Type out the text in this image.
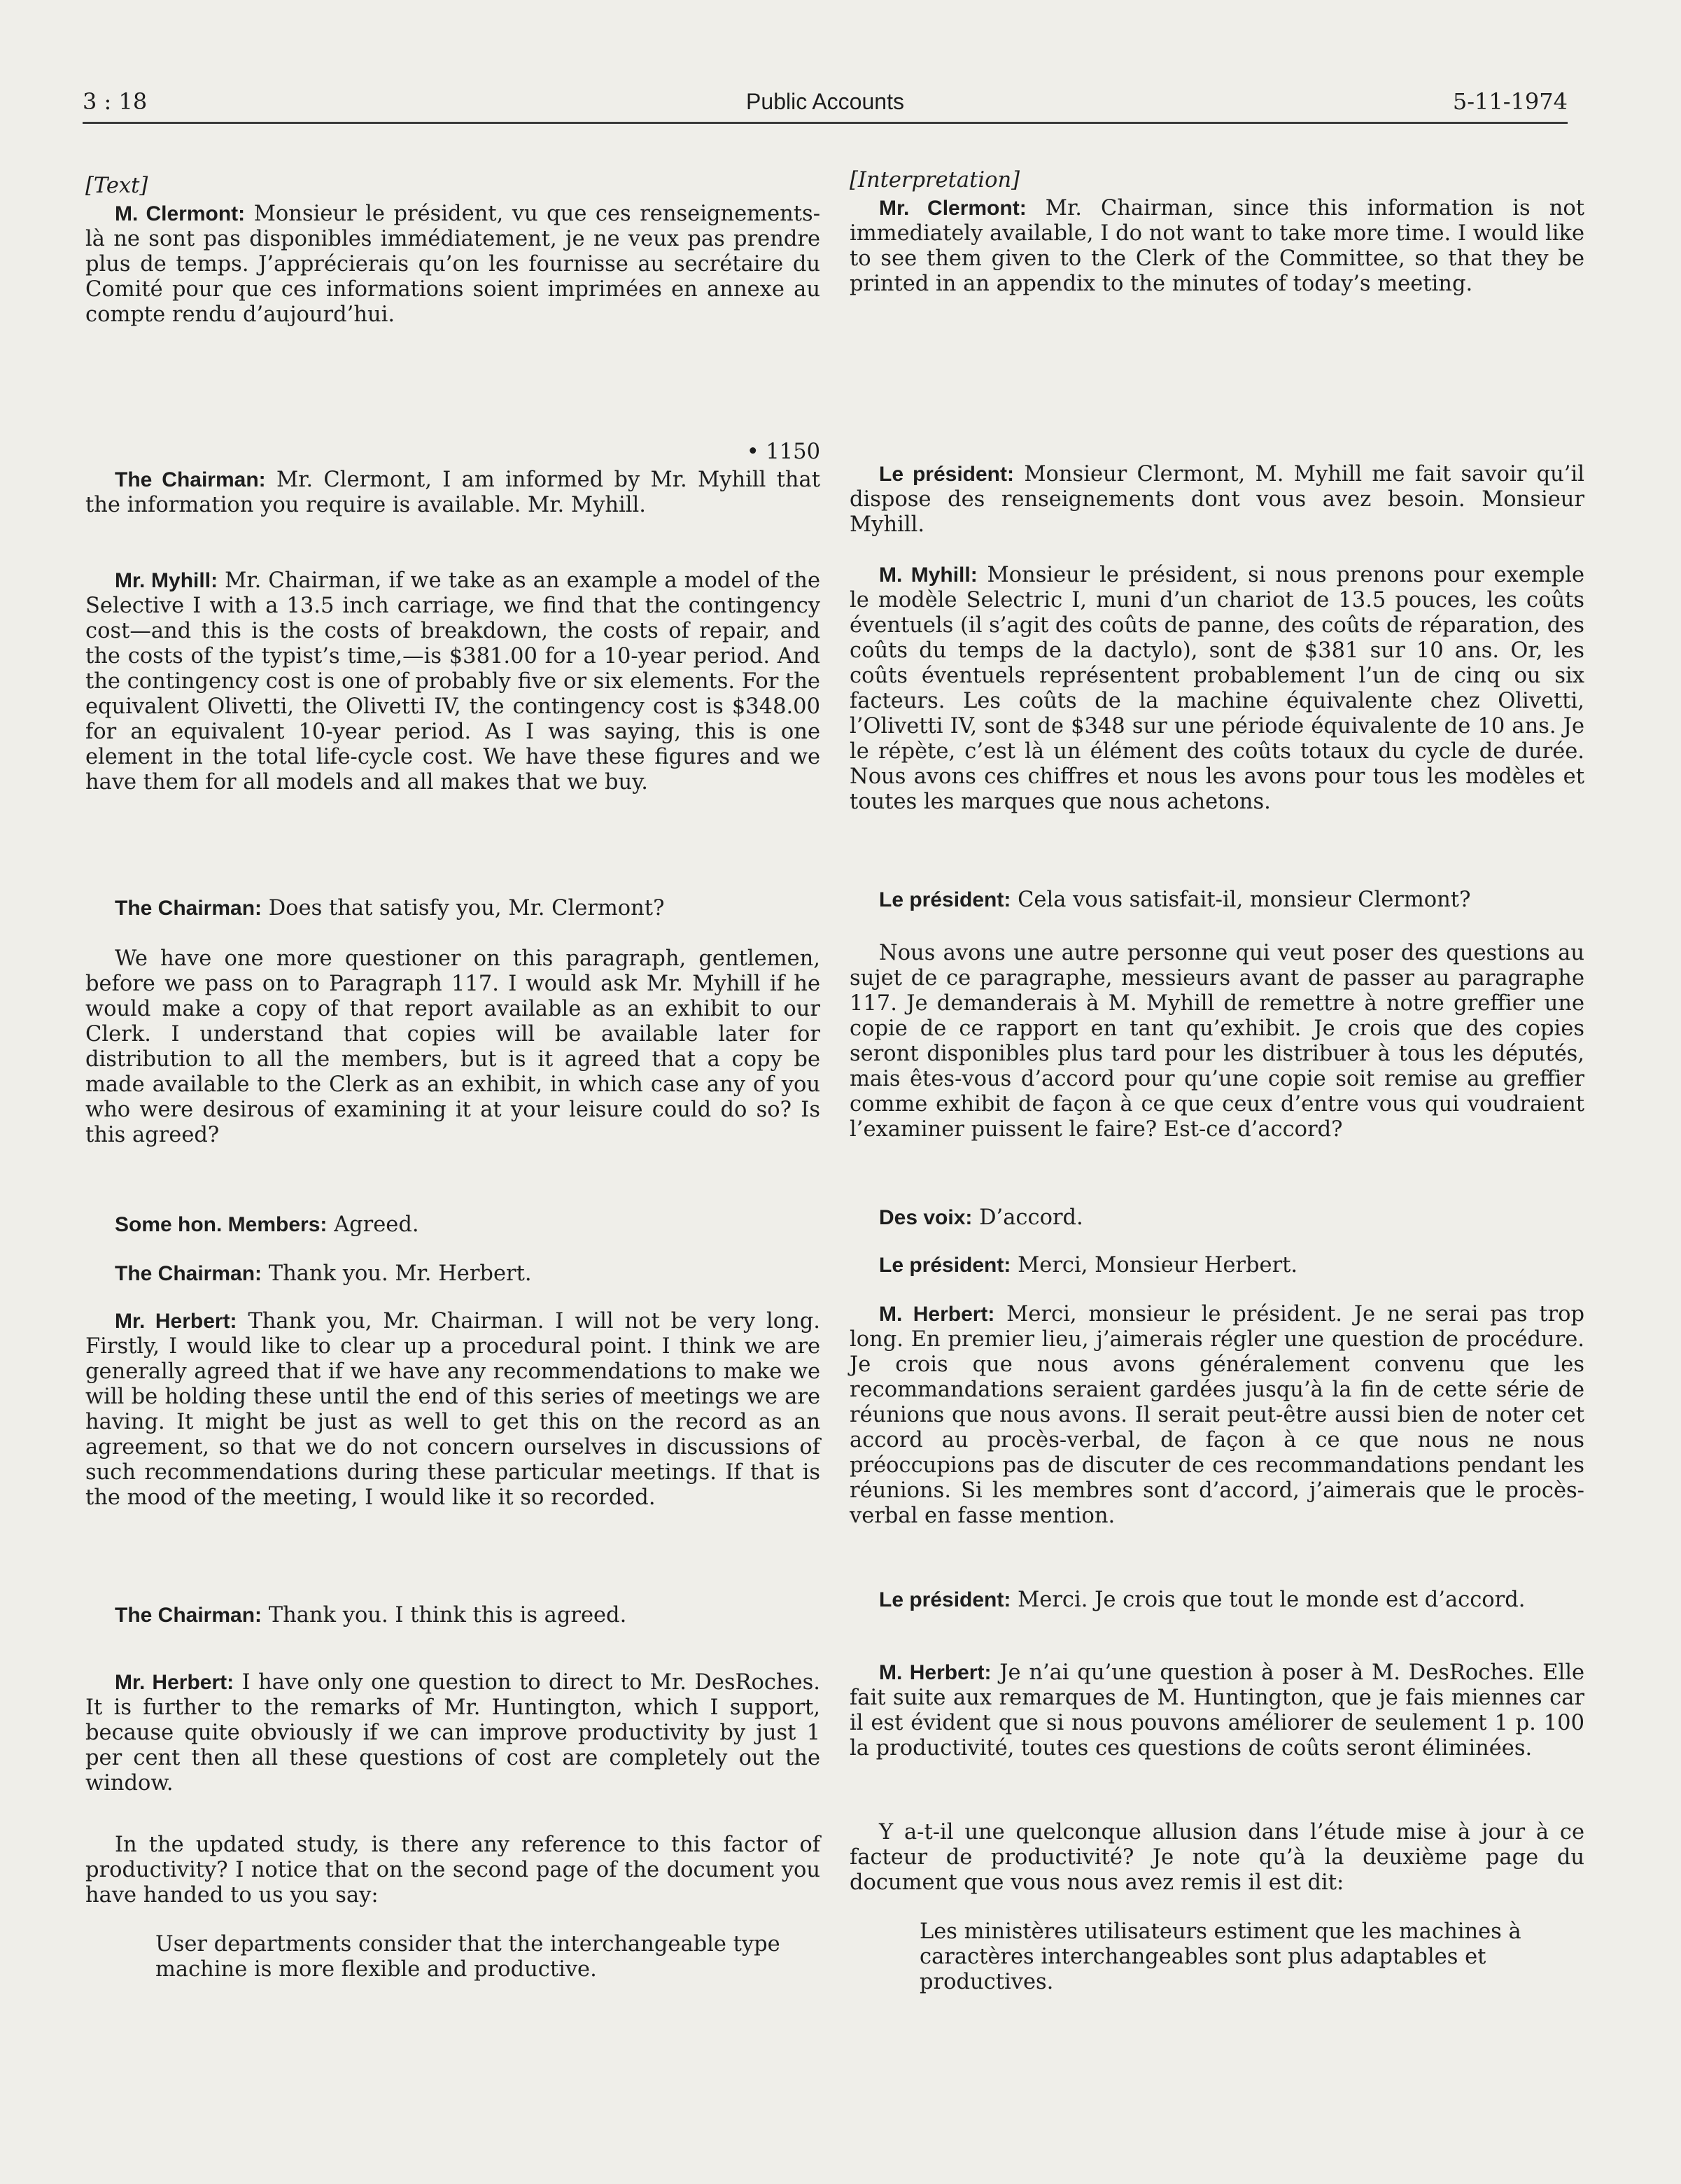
3 : 18	Public Accounts	5-11-1974

[Text]

M. Clermont: Monsieur le président, vu que ces renseignements-là ne sont pas disponibles immédiatement, je ne veux pas prendre plus de temps. J’apprécierais qu’on les fournisse au secrétaire du Comité pour que ces informations soient imprimées en annexe au compte rendu d’aujourd’hui.

• 1150

The Chairman: Mr. Clermont, I am informed by Mr. Myhill that the information you require is available. Mr. Myhill.

Mr. Myhill: Mr. Chairman, if we take as an example a model of the Selective I with a 13.5 inch carriage, we find that the contingency cost—and this is the costs of breakdown, the costs of repair, and the costs of the typist’s time,—is $381.00 for a 10-year period. And the contingency cost is one of probably five or six elements. For the equivalent Olivetti, the Olivetti IV, the contingency cost is $348.00 for an equivalent 10-year period. As I was saying, this is one element in the total life-cycle cost. We have these figures and we have them for all models and all makes that we buy.

The Chairman: Does that satisfy you, Mr. Clermont?

We have one more questioner on this paragraph, gentlemen, before we pass on to Paragraph 117. I would ask Mr. Myhill if he would make a copy of that report available as an exhibit to our Clerk. I understand that copies will be available later for distribution to all the members, but is it agreed that a copy be made available to the Clerk as an exhibit, in which case any of you who were desirous of examining it at your leisure could do so? Is this agreed?

Some hon. Members: Agreed.

The Chairman: Thank you. Mr. Herbert.

Mr. Herbert: Thank you, Mr. Chairman. I will not be very long. Firstly, I would like to clear up a procedural point. I think we are generally agreed that if we have any recommendations to make we will be holding these until the end of this series of meetings we are having. It might be just as well to get this on the record as an agreement, so that we do not concern ourselves in discussions of such recommendations during these particular meetings. If that is the mood of the meeting, I would like it so recorded.

The Chairman: Thank you. I think this is agreed.

Mr. Herbert: I have only one question to direct to Mr. DesRoches. It is further to the remarks of Mr. Huntington, which I support, because quite obviously if we can improve productivity by just 1 per cent then all these questions of cost are completely out the window.

In the updated study, is there any reference to this factor of productivity? I notice that on the second page of the document you have handed to us you say:

User departments consider that the interchangeable type machine is more flexible and productive.

[Interpretation]

Mr. Clermont: Mr. Chairman, since this information is not immediately available, I do not want to take more time. I would like to see them given to the Clerk of the Committee, so that they be printed in an appendix to the minutes of today’s meeting.

Le président: Monsieur Clermont, M. Myhill me fait savoir qu’il dispose des renseignements dont vous avez besoin. Monsieur Myhill.

M. Myhill: Monsieur le président, si nous prenons pour exemple le modèle Selectric I, muni d’un chariot de 13.5 pouces, les coûts éventuels (il s’agit des coûts de panne, des coûts de réparation, des coûts du temps de la dactylo), sont de $381 sur 10 ans. Or, les coûts éventuels représentent probablement l’un de cinq ou six facteurs. Les coûts de la machine équivalente chez Olivetti, l’Olivetti IV, sont de $348 sur une période équivalente de 10 ans. Je le répète, c’est là un élément des coûts totaux du cycle de durée. Nous avons ces chiffres et nous les avons pour tous les modèles et toutes les marques que nous achetons.

Le président: Cela vous satisfait-il, monsieur Clermont?

Nous avons une autre personne qui veut poser des questions au sujet de ce paragraphe, messieurs avant de passer au paragraphe 117. Je demanderais à M. Myhill de remettre à notre greffier une copie de ce rapport en tant qu’exhibit. Je crois que des copies seront disponibles plus tard pour les distribuer à tous les députés, mais êtes-vous d’accord pour qu’une copie soit remise au greffier comme exhibit de façon à ce que ceux d’entre vous qui voudraient l’examiner puissent le faire? Est-ce d’accord?

Des voix: D’accord.

Le président: Merci, Monsieur Herbert.

M. Herbert: Merci, monsieur le président. Je ne serai pas trop long. En premier lieu, j’aimerais régler une question de procédure. Je crois que nous avons généralement convenu que les recommandations seraient gardées jusqu’à la fin de cette série de réunions que nous avons. Il serait peut-être aussi bien de noter cet accord au procès-verbal, de façon à ce que nous ne nous préoccupions pas de discuter de ces recommandations pendant les réunions. Si les membres sont d’accord, j’aimerais que le procès-verbal en fasse mention.

Le président: Merci. Je crois que tout le monde est d’accord.

M. Herbert: Je n’ai qu’une question à poser à M. DesRoches. Elle fait suite aux remarques de M. Huntington, que je fais miennes car il est évident que si nous pouvons améliorer de seulement 1 p. 100 la productivité, toutes ces questions de coûts seront éliminées.

Y a-t-il une quelconque allusion dans l’étude mise à jour à ce facteur de productivité? Je note qu’à la deuxième page du document que vous nous avez remis il est dit:

Les ministères utilisateurs estiment que les machines à caractères interchangeables sont plus adaptables et productives.
